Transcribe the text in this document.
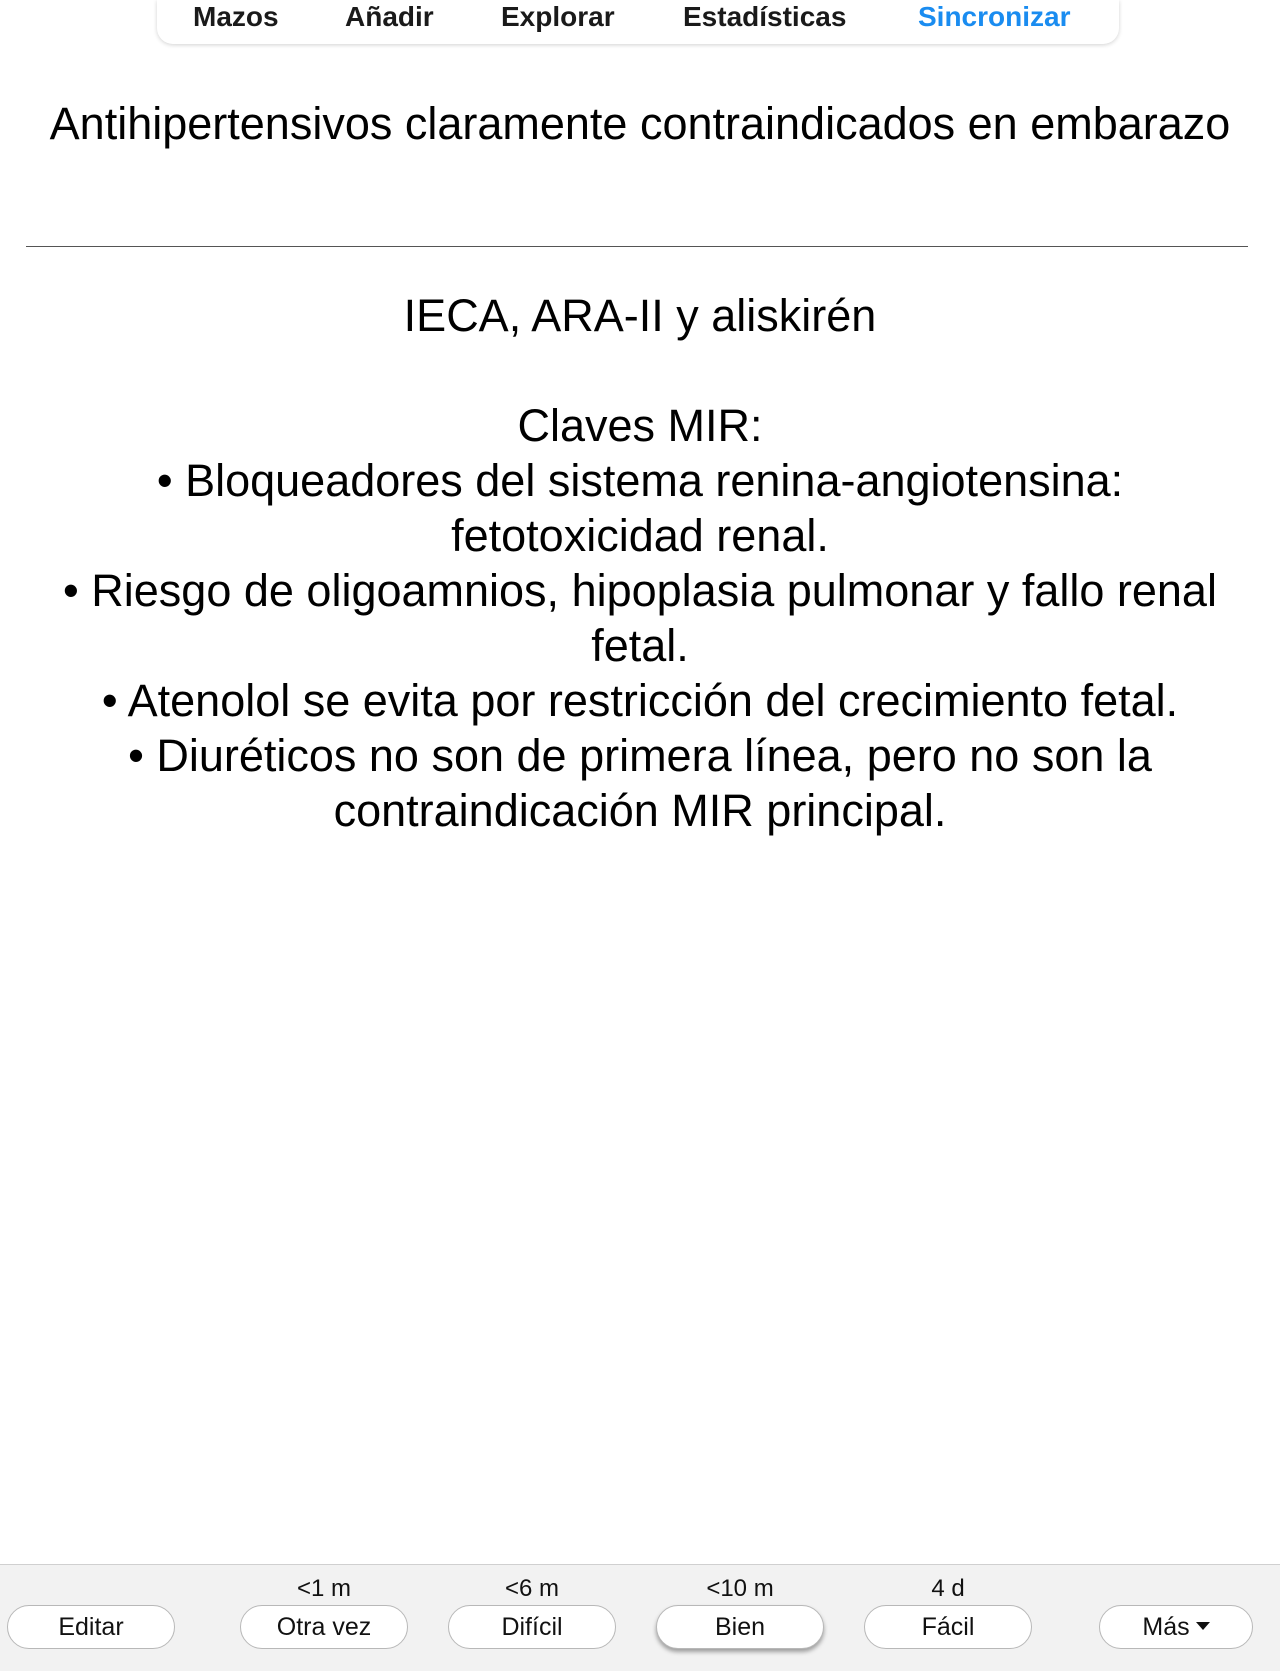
Mazos Añadir Explorar Estadísticas	Sincronizar
Antihipertensivos claramente contraindicados en embarazo
IECA, ARA-II y aliskirén
Claves MIR:
• Bloqueadores del sistema renina-angiotensina: fetotoxicidad renal.
• Riesgo de oligoamnios, hipoplasia pulmonar y fallo renal fetal.
• Atenolol se evita por restricción del crecimiento fetal.
• Diuréticos no son de primera línea, pero no son la contraindicación MIR principal.
<1 m	<6 m	<10 m	4 d
Editar	Otra vez	Difícil	Bien	Fácil	Más
